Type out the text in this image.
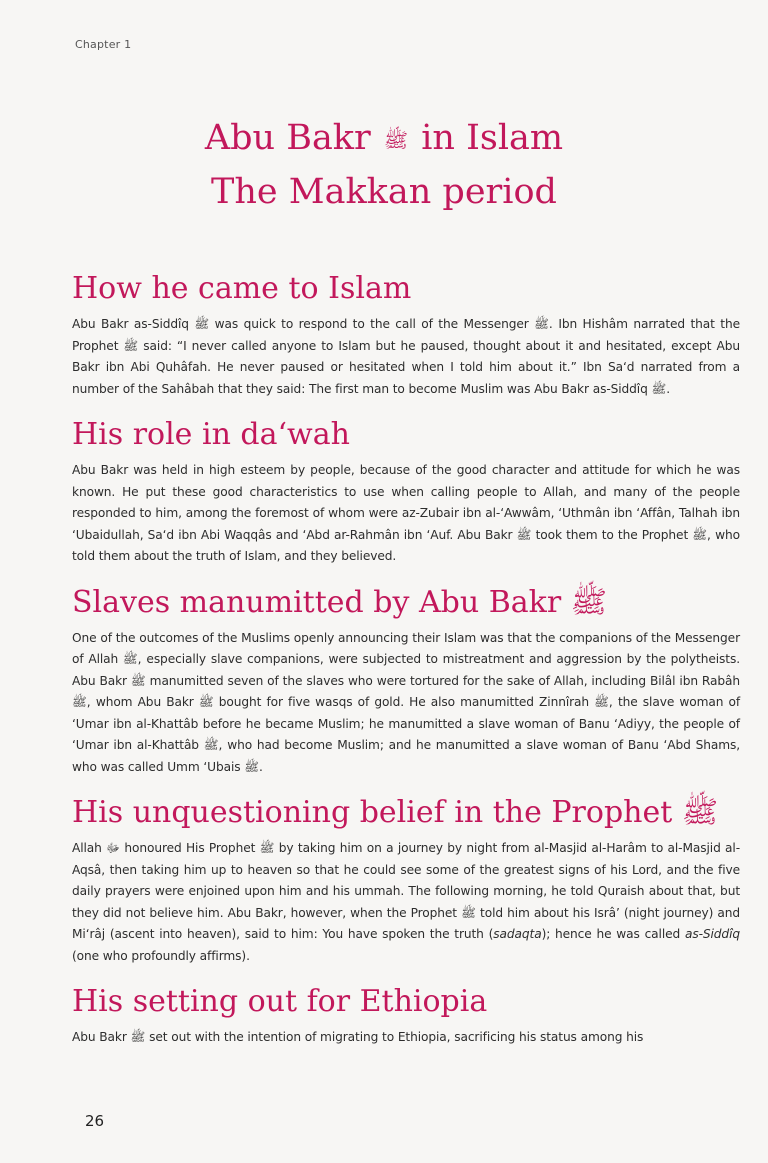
Chapter 1
Abu Bakr ﷺ in Islam
The Makkan period
How he came to Islam

Abu Bakr as-Siddîq ﷺ was quick to respond to the call of the Messenger ﷺ. Ibn Hishâm narrated that the Prophet ﷺ said: “I never called anyone to Islam but he paused, thought about it and hesitated, except Abu Bakr ibn Abi Quhâfah. He never paused or hesitated when I told him about it.” Ibn Sa‘d narrated from a number of the Sahâbah that they said: The first man to become Muslim was Abu Bakr as-Siddîq ﷺ.

His role in da‘wah

Abu Bakr was held in high esteem by people, because of the good character and attitude for which he was known. He put these good characteristics to use when calling people to Allah, and many of the people responded to him, among the foremost of whom were az-Zubair ibn al-‘Awwâm, ‘Uthmân ibn ‘Affân, Talhah ibn ‘Ubaidullah, Sa‘d ibn Abi Waqqâs and ‘Abd ar-Rahmân ibn ‘Auf. Abu Bakr ﷺ took them to the Prophet ﷺ, who told them about the truth of Islam, and they believed.

Slaves manumitted by Abu Bakr ﷺ

One of the outcomes of the Muslims openly announcing their Islam was that the companions of the Messenger of Allah ﷺ, especially slave companions, were subjected to mistreatment and aggression by the polytheists. Abu Bakr ﷺ manumitted seven of the slaves who were tortured for the sake of Allah, including Bilâl ibn Rabâh ﷺ, whom Abu Bakr ﷺ bought for five wasqs of gold. He also manumitted Zinnîrah ﷺ, the slave woman of ‘Umar ibn al-Khattâb before he became Muslim; he manumitted a slave woman of Banu ‘Adiyy, the people of ‘Umar ibn al-Khattâb ﷺ, who had become Muslim; and he manumitted a slave woman of Banu ‘Abd Shams, who was called Umm ‘Ubais ﷺ.

His unquestioning belief in the Prophet ﷺ

Allah ﷻ honoured His Prophet ﷺ by taking him on a journey by night from al-Masjid al-Harâm to al-Masjid al-Aqsâ, then taking him up to heaven so that he could see some of the greatest signs of his Lord, and the five daily prayers were enjoined upon him and his ummah. The following morning, he told Quraish about that, but they did not believe him. Abu Bakr, however, when the Prophet ﷺ told him about his Isrâ’ (night journey) and Mi‘râj (ascent into heaven), said to him: You have spoken the truth (sadaqta); hence he was called as-Siddîq (one who profoundly affirms).

His setting out for Ethiopia

Abu Bakr ﷺ set out with the intention of migrating to Ethiopia, sacrificing his status among his

26
